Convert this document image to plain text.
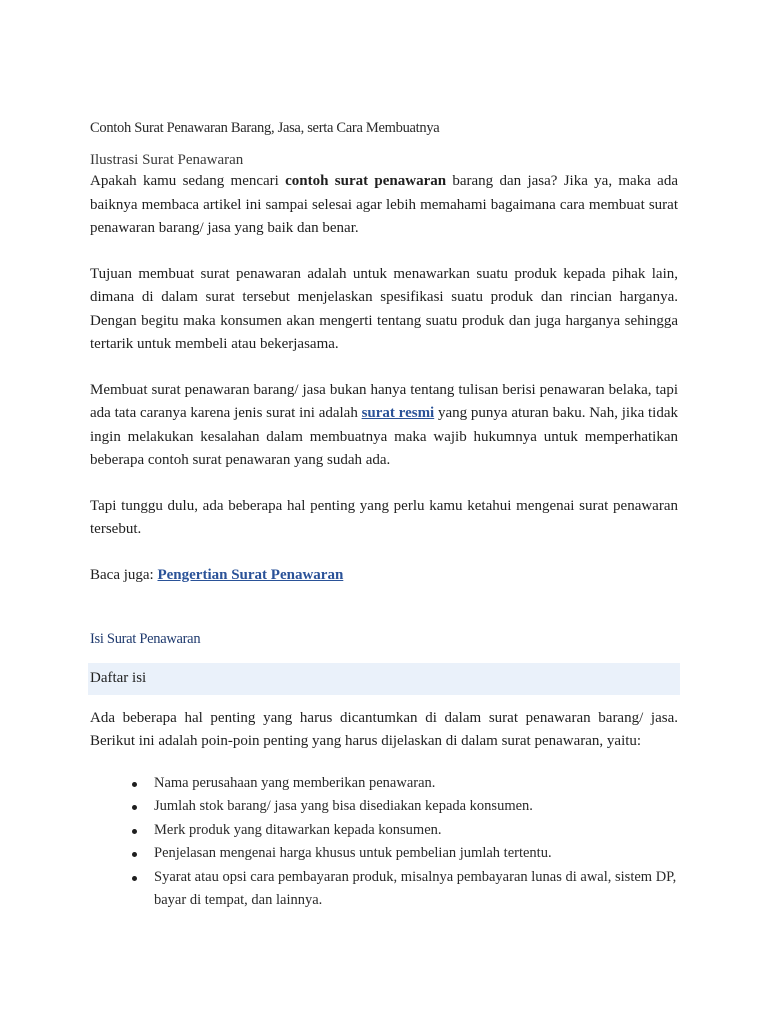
Contoh Surat Penawaran Barang, Jasa, serta Cara Membuatnya
Ilustrasi Surat Penawaran

Apakah kamu sedang mencari contoh surat penawaran barang dan jasa? Jika ya, maka ada baiknya membaca artikel ini sampai selesai agar lebih memahami bagaimana cara membuat surat penawaran barang/ jasa yang baik dan benar.

Tujuan membuat surat penawaran adalah untuk menawarkan suatu produk kepada pihak lain, dimana di dalam surat tersebut menjelaskan spesifikasi suatu produk dan rincian harganya. Dengan begitu maka konsumen akan mengerti tentang suatu produk dan juga harganya sehingga tertarik untuk membeli atau bekerjasama.

Membuat surat penawaran barang/ jasa bukan hanya tentang tulisan berisi penawaran belaka, tapi ada tata caranya karena jenis surat ini adalah surat resmi yang punya aturan baku. Nah, jika tidak ingin melakukan kesalahan dalam membuatnya maka wajib hukumnya untuk memperhatikan beberapa contoh surat penawaran yang sudah ada.

Tapi tunggu dulu, ada beberapa hal penting yang perlu kamu ketahui mengenai surat penawaran tersebut.

Baca juga: Pengertian Surat Penawaran
Isi Surat Penawaran
Daftar isi

Ada beberapa hal penting yang harus dicantumkan di dalam surat penawaran barang/ jasa. Berikut ini adalah poin-poin penting yang harus dijelaskan di dalam surat penawaran, yaitu:

Nama perusahaan yang memberikan penawaran.
Jumlah stok barang/ jasa yang bisa disediakan kepada konsumen.
Merk produk yang ditawarkan kepada konsumen.
Penjelasan mengenai harga khusus untuk pembelian jumlah tertentu.
Syarat atau opsi cara pembayaran produk, misalnya pembayaran lunas di awal, sistem DP, bayar di tempat, dan lainnya.
